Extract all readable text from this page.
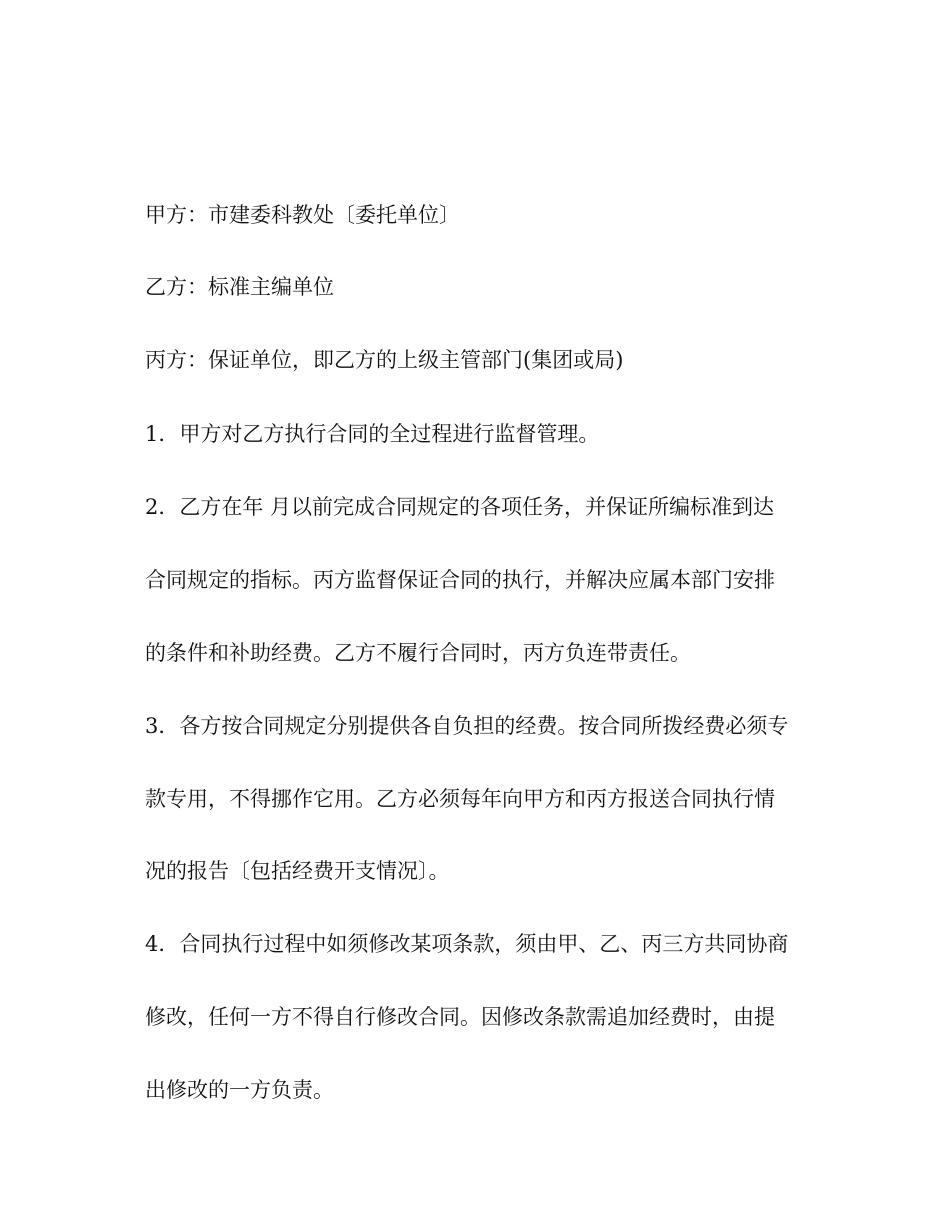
甲方：市建委科教处〔委托单位〕
乙方：标准主编单位
丙方：保证单位，即乙方的上级主管部门(集团或局)
1．甲方对乙方执行合同的全过程进行监督管理。
2．乙方在年 月以前完成合同规定的各项任务，并保证所编标准到达
合同规定的指标。丙方监督保证合同的执行，并解决应属本部门安排
的条件和补助经费。乙方不履行合同时，丙方负连带责任。
3．各方按合同规定分别提供各自负担的经费。按合同所拨经费必须专
款专用，不得挪作它用。乙方必须每年向甲方和丙方报送合同执行情
况的报告〔包括经费开支情况〕。
4．合同执行过程中如须修改某项条款，须由甲、乙、丙三方共同协商
修改，任何一方不得自行修改合同。因修改条款需追加经费时，由提
出修改的一方负责。
